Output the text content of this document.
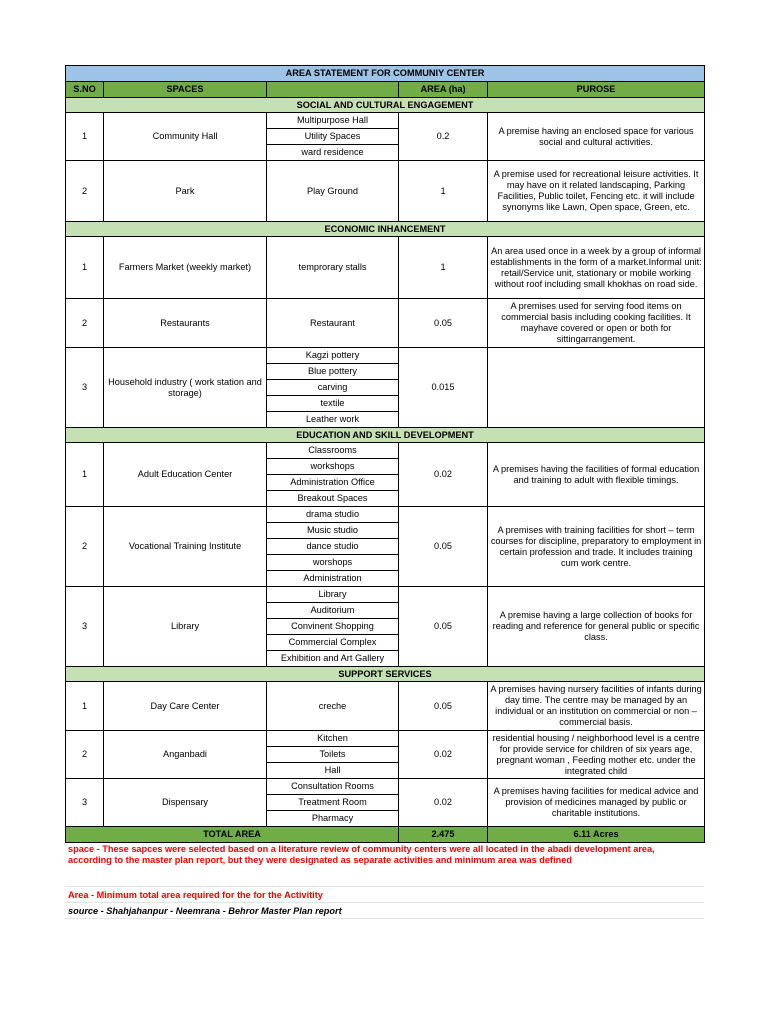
AREA STATEMENT FOR COMMUNIY CENTER				
S.NO	SPACES		AREA (ha)	PUROSE
SOCIAL AND CULTURAL ENGAGEMENT				
1	Community Hall	Multipurpose Hall	0.2	A premise having an enclosed space for various social and cultural activities.
		Utility Spaces		
		ward residence		
2	Park	Play Ground	1	A premise used for recreational leisure activities. It may have on it related landscaping, Parking Facilities, Public toilet, Fencing etc. it will include synonyms like Lawn, Open space, Green, etc.
ECONOMIC INHANCEMENT				
1	Farmers Market (weekly market)	temprorary stalls	1	An area used once in a week by a group of informal establishments in the form of a market.Informal unit: retail/Service unit, stationary or mobile working without roof including small khokhas on road side.
2	Restaurants	Restaurant	0.05	A premises used for serving food items on commercial basis including cooking facilities. It mayhave covered or open or both for sittingarrangement.
3	Household industry ( work station and storage)	Kagzi pottery	0.015	
		Blue pottery		
		carving		
		textile		
		Leather work		
EDUCATION AND SKILL DEVELOPMENT				
1	Adult Education Center	Classrooms	0.02	A premises having the facilities of formal education and training to adult with flexible timings.
		workshops		
		Administration Office		
		Breakout Spaces		
2	Vocational Training Institute	drama studio	0.05	A premises with training facilities for short – term courses for discipline, preparatory to employment in certain profession and trade. It includes training cum work centre.
		Music studio		
		dance studio		
		worshops		
		Administration		
3	Library	Library	0.05	A premise having a large collection of books for reading and reference for general public or specific class.
		Auditorium		
		Convinent Shopping		
		Commercial Complex		
		Exhibition and Art Gallery		
SUPPORT SERVICES				
1	Day Care Center	creche	0.05	A premises having nursery facilities of infants during day time. The centre may be managed by an individual or an institution on commercial or non – commercial basis.
2	Anganbadi	Kitchen	0.02	residential housing / neighborhood level is a centre for provide service for children of six years age, pregnant woman , Feeding mother etc. under the integrated child
		Toilets		
		Hall		
3	Dispensary	Consultation Rooms	0.02	A premises having facilities for medical advice and provision of medicines managed by public or charitable institutions.
		Treatment Room		
		Pharmacy		
TOTAL AREA			2.475	6.11 Acres
space - These sapces were selected based on a literature review of community centers were all located in the abadi development area, according to the master plan report, but they were designated as separate activities and minimum area was defined
Area - Minimum total area required for the for the Activitity
source - Shahjahanpur - Neemrana - Behror Master Plan report
